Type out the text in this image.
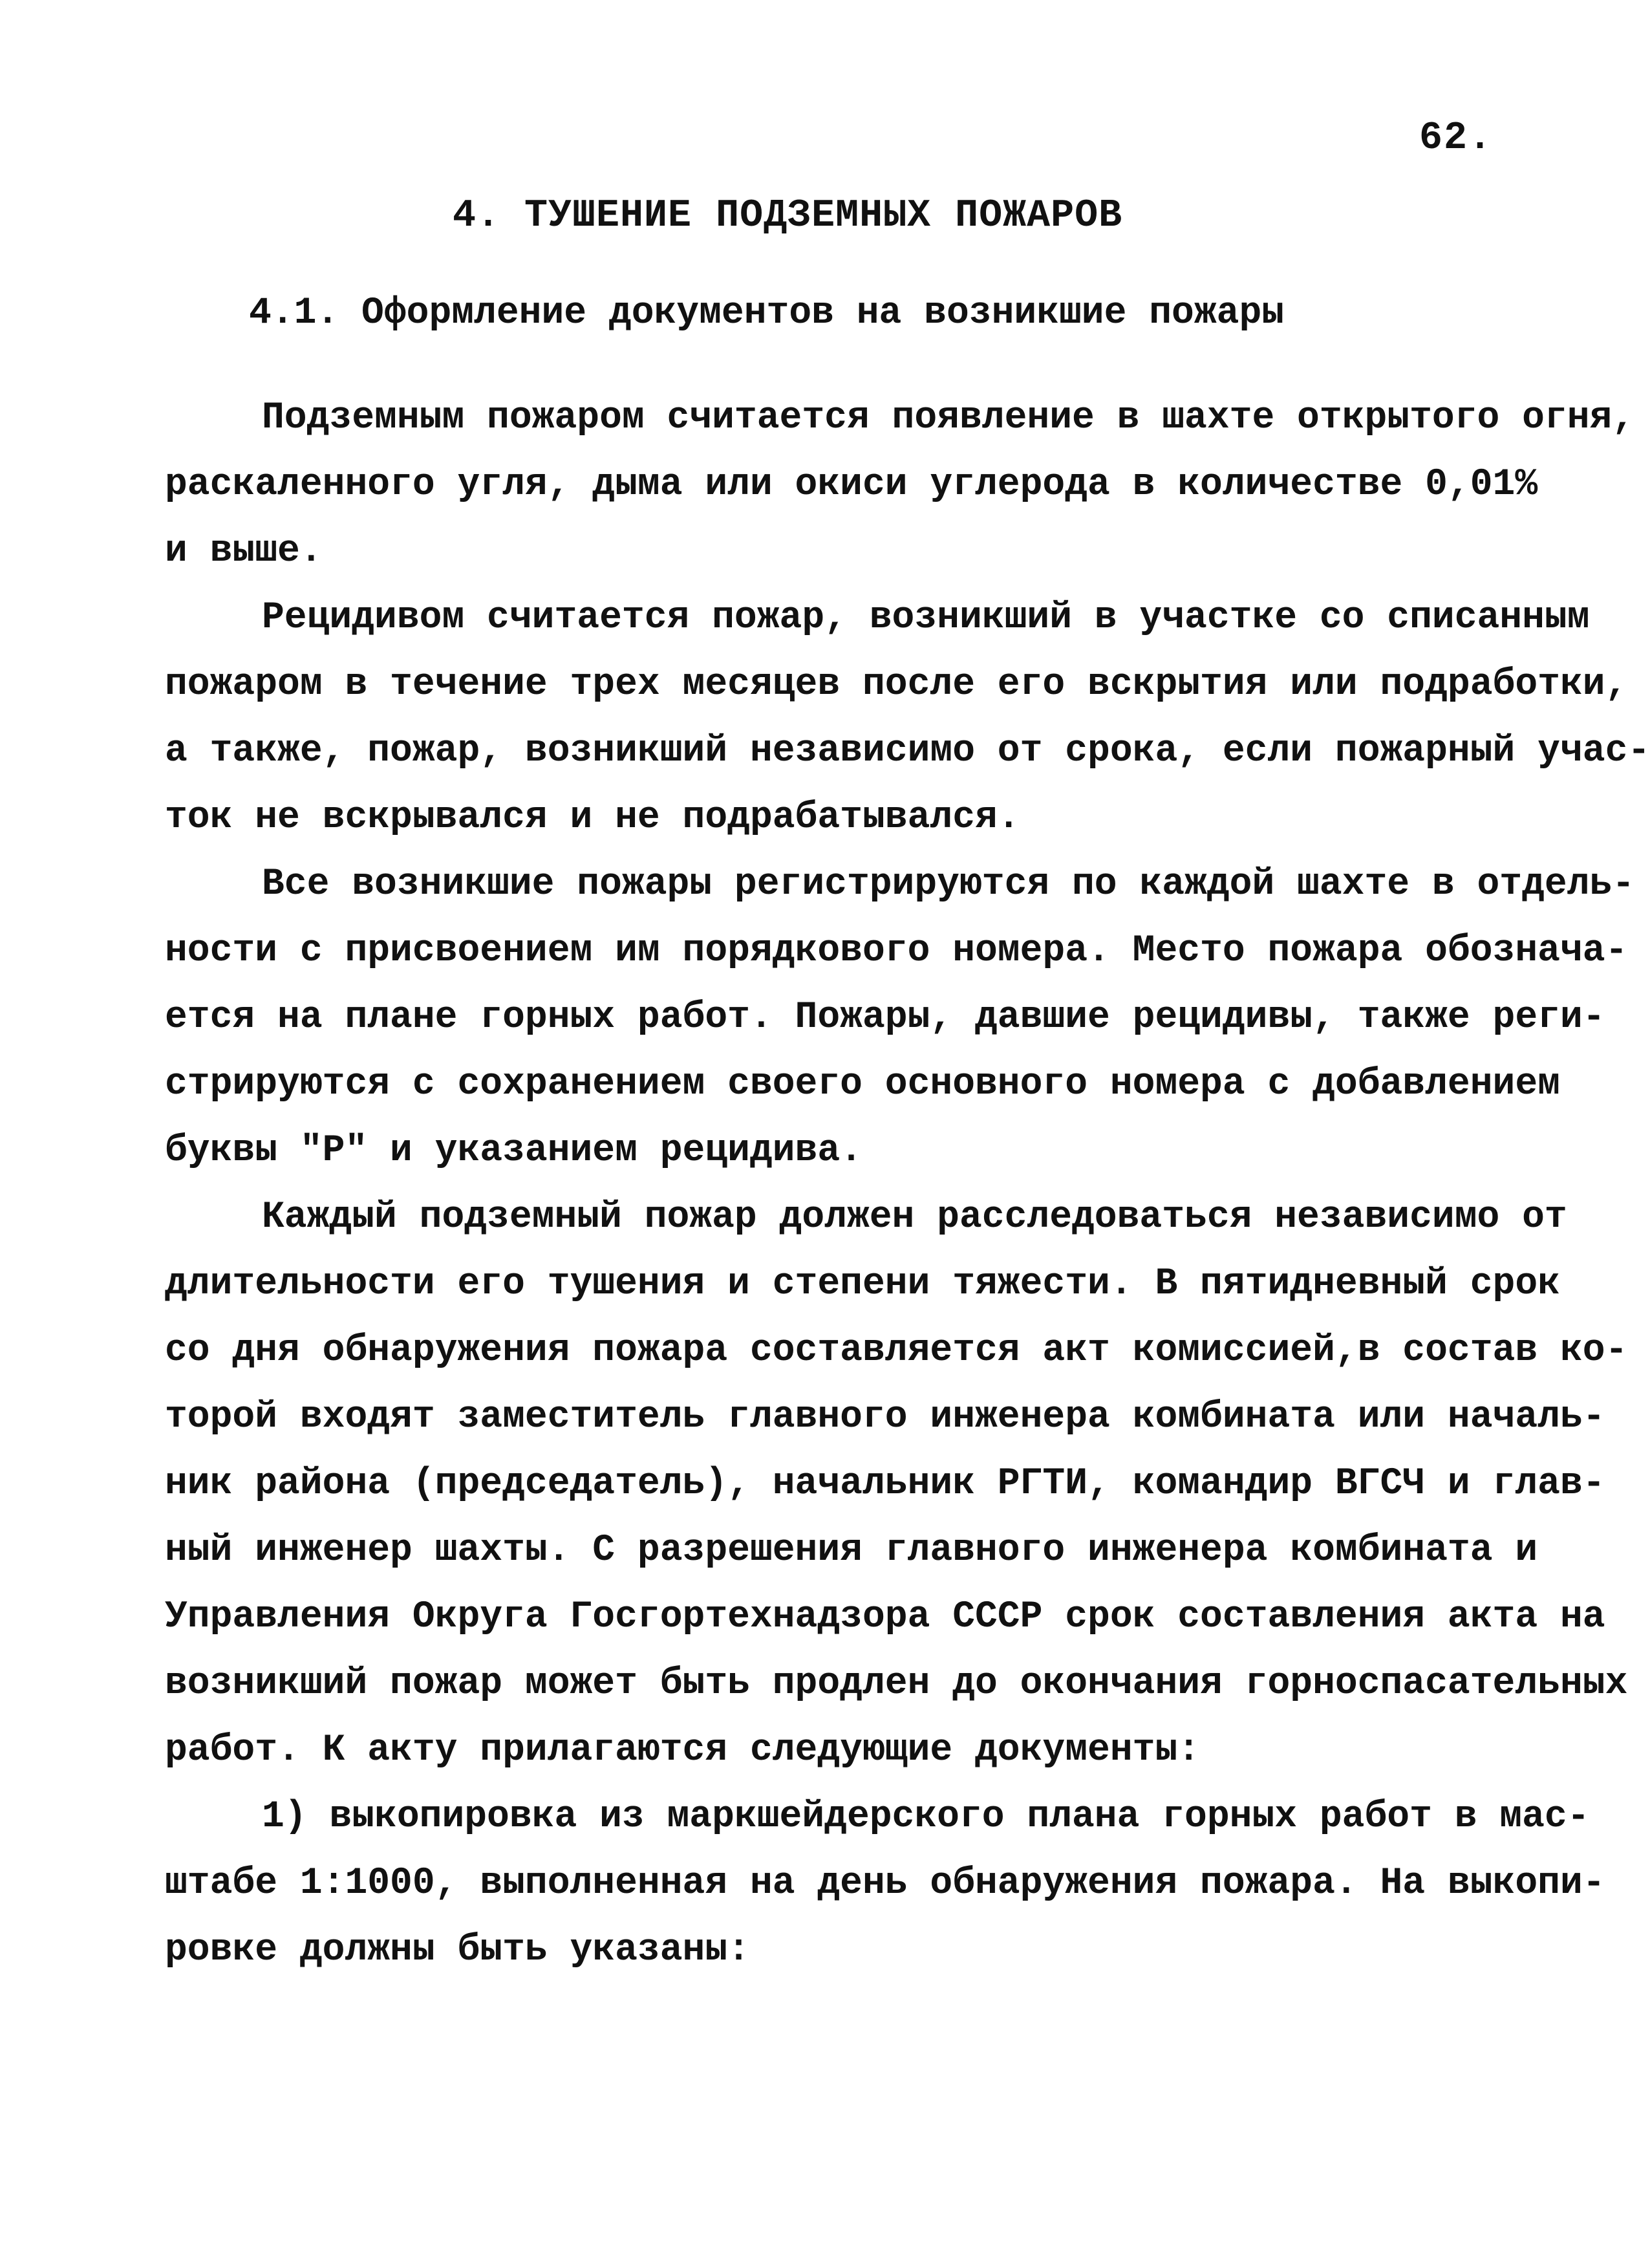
62.
4. ТУШЕНИЕ ПОДЗЕМНЫХ ПОЖАРОВ
4.1. Оформление документов на возникшие пожары
Подземным пожаром считается появление в шахте открытого огня,
раскаленного угля, дыма или окиси углерода в количестве 0,01%
и выше.
Рецидивом считается пожар, возникший в участке со списанным
пожаром в течение трех месяцев после его вскрытия или подработки,
а также, пожар, возникший независимо от срока, если пожарный учас-
ток не вскрывался и не подрабатывался.
Все возникшие пожары регистрируются по каждой шахте в отдель-
ности с присвоением им порядкового номера. Место пожара обознача-
ется на плане горных работ. Пожары, давшие рецидивы, также реги-
стрируются с сохранением своего основного номера с добавлением
буквы "Р" и указанием рецидива.
Каждый подземный пожар должен расследоваться независимо от
длительности его тушения и степени тяжести. В пятидневный срок
со дня обнаружения пожара составляется акт комиссией,в состав ко-
торой входят заместитель главного инженера комбината или началь-
ник района (председатель), начальник РГТИ, командир ВГСЧ и глав-
ный инженер шахты. С разрешения главного инженера комбината и
Управления Округа Госгортехнадзора СССР срок составления акта на
возникший пожар может быть продлен до окончания горноспасательных
работ. К акту прилагаются следующие документы:
1) выкопировка из маркшейдерского плана горных работ в мас-
штабе 1:1000, выполненная на день обнаружения пожара. На выкопи-
ровке должны быть указаны:
